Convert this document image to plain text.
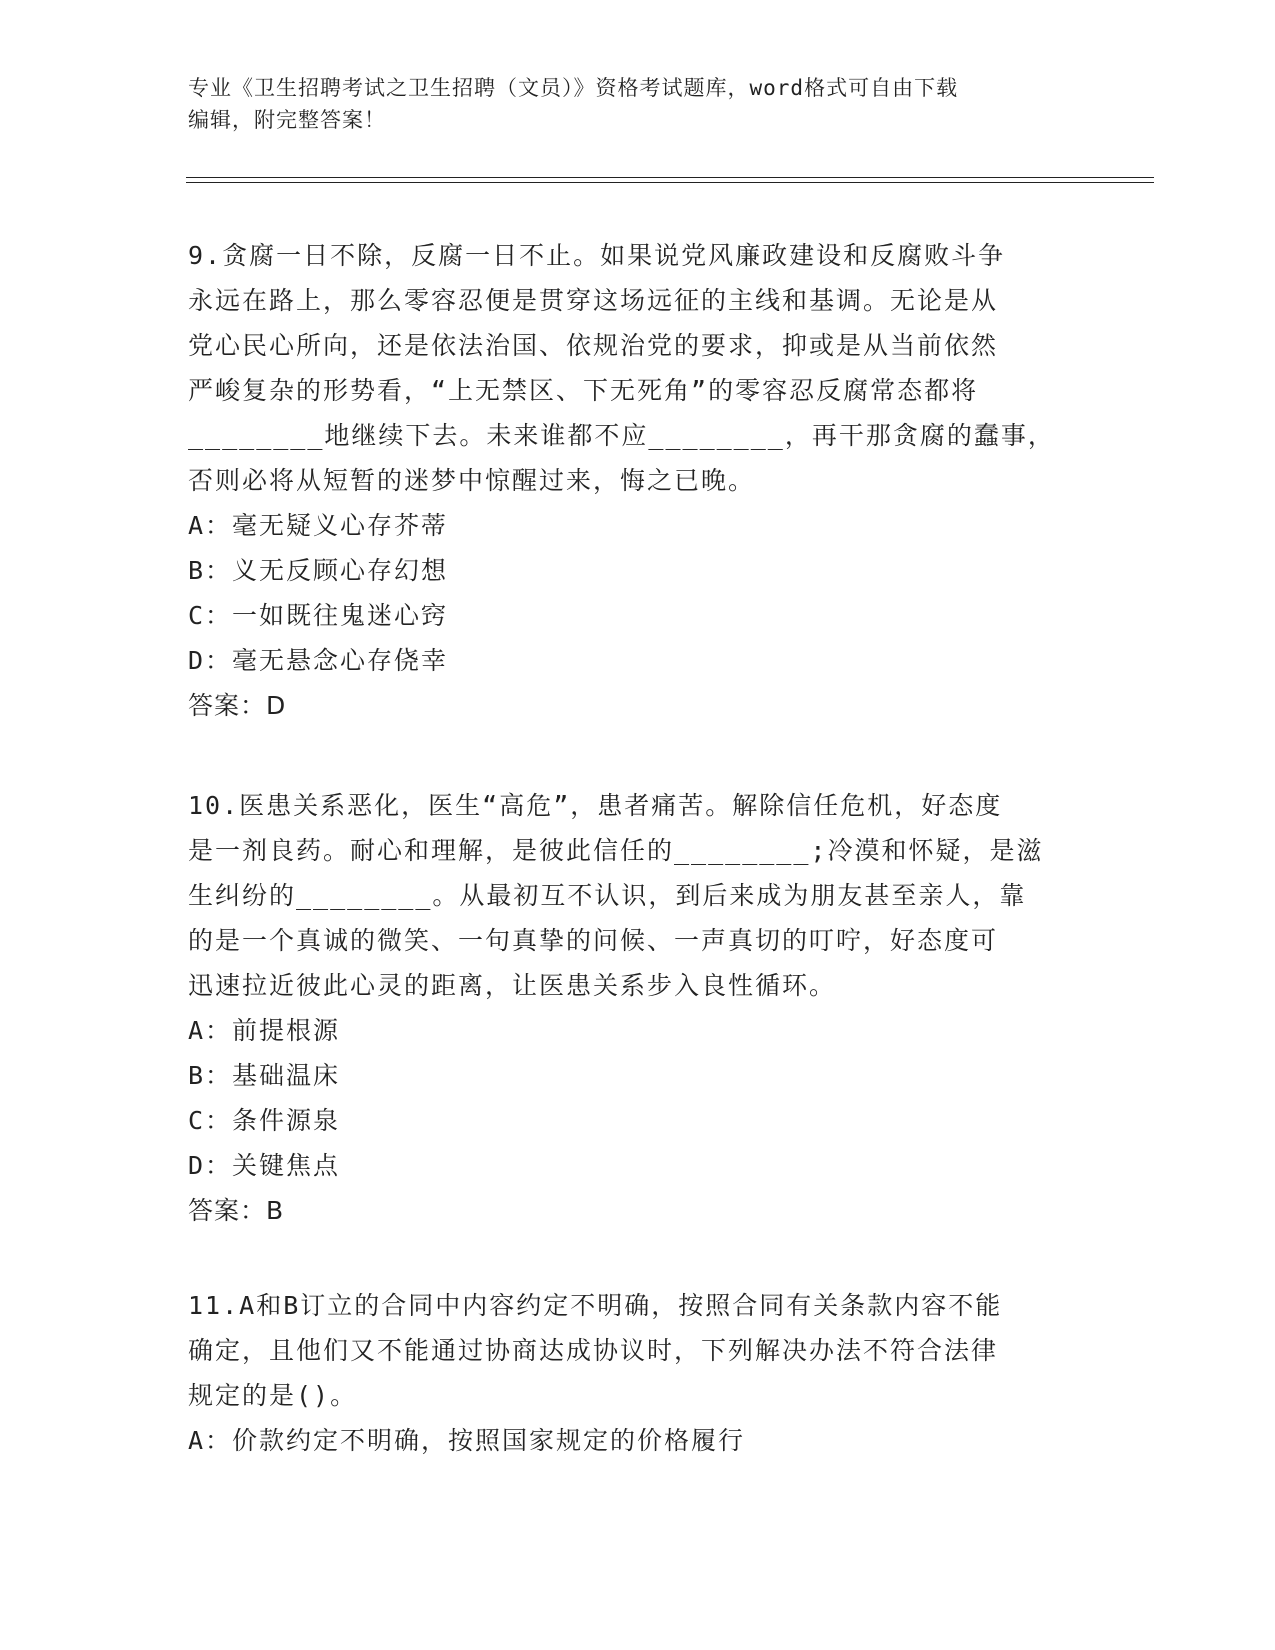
专业《卫生招聘考试之卫生招聘（文员）》资格考试题库，word格式可自由下载
编辑，附完整答案！
9.贪腐一日不除，反腐一日不止。如果说党风廉政建设和反腐败斗争
永远在路上，那么零容忍便是贯穿这场远征的主线和基调。无论是从
党心民心所向，还是依法治国、依规治党的要求，抑或是从当前依然
严峻复杂的形势看，“上无禁区、下无死角”的零容忍反腐常态都将
________地继续下去。未来谁都不应________，再干那贪腐的蠢事，
否则必将从短暂的迷梦中惊醒过来，悔之已晚。
A：毫无疑义心存芥蒂
B：义无反顾心存幻想
C：一如既往鬼迷心窍
D：毫无悬念心存侥幸
答案：D
10.医患关系恶化，医生“高危”，患者痛苦。解除信任危机，好态度
是一剂良药。耐心和理解，是彼此信任的________;冷漠和怀疑，是滋
生纠纷的________。从最初互不认识，到后来成为朋友甚至亲人，靠
的是一个真诚的微笑、一句真挚的问候、一声真切的叮咛，好态度可
迅速拉近彼此心灵的距离，让医患关系步入良性循环。
A：前提根源
B：基础温床
C：条件源泉
D：关键焦点
答案：B
11.A和B订立的合同中内容约定不明确，按照合同有关条款内容不能
确定，且他们又不能通过协商达成协议时，下列解决办法不符合法律
规定的是()。
A：价款约定不明确，按照国家规定的价格履行
